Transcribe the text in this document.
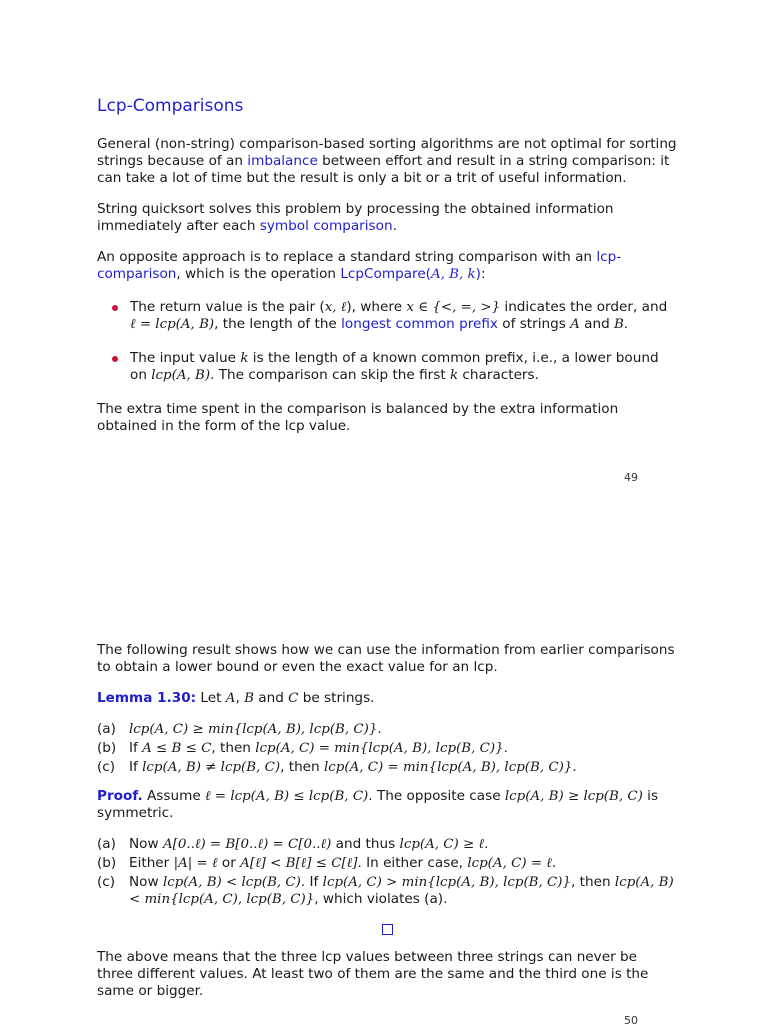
Lcp-Comparisons

General (non-string) comparison-based sorting algorithms are not optimal for sorting strings because of an imbalance between effort and result in a string comparison: it can take a lot of time but the result is only a bit or a trit of useful information.

String quicksort solves this problem by processing the obtained information immediately after each symbol comparison.

An opposite approach is to replace a standard string comparison with an lcp-comparison, which is the operation LcpCompare(A, B, k):

The return value is the pair (x, ℓ), where x ∈ {<, =, >} indicates the order, and ℓ = lcp(A, B), the length of the longest common prefix of strings A and B.
The input value k is the length of a known common prefix, i.e., a lower bound on lcp(A, B). The comparison can skip the first k characters.

The extra time spent in the comparison is balanced by the extra information obtained in the form of the lcp value.

49

The following result shows how we can use the information from earlier comparisons to obtain a lower bound or even the exact value for an lcp.

Lemma 1.30: Let A, B and C be strings.

(a) lcp(A, C) ≥ min{lcp(A, B), lcp(B, C)}.
(b) If A ≤ B ≤ C, then lcp(A, C) = min{lcp(A, B), lcp(B, C)}.
(c) If lcp(A, B) ≠ lcp(B, C), then lcp(A, C) = min{lcp(A, B), lcp(B, C)}.

Proof. Assume ℓ = lcp(A, B) ≤ lcp(B, C). The opposite case lcp(A, B) ≥ lcp(B, C) is symmetric.

(a) Now A[0..ℓ) = B[0..ℓ) = C[0..ℓ) and thus lcp(A, C) ≥ ℓ.
(b) Either |A| = ℓ or A[ℓ] < B[ℓ] ≤ C[ℓ]. In either case, lcp(A, C) = ℓ.
(c) Now lcp(A, B) < lcp(B, C). If lcp(A, C) > min{lcp(A, B), lcp(B, C)}, then lcp(A, B) < min{lcp(A, C), lcp(B, C)}, which violates (a).

The above means that the three lcp values between three strings can never be three different values. At least two of them are the same and the third one is the same or bigger.

50
